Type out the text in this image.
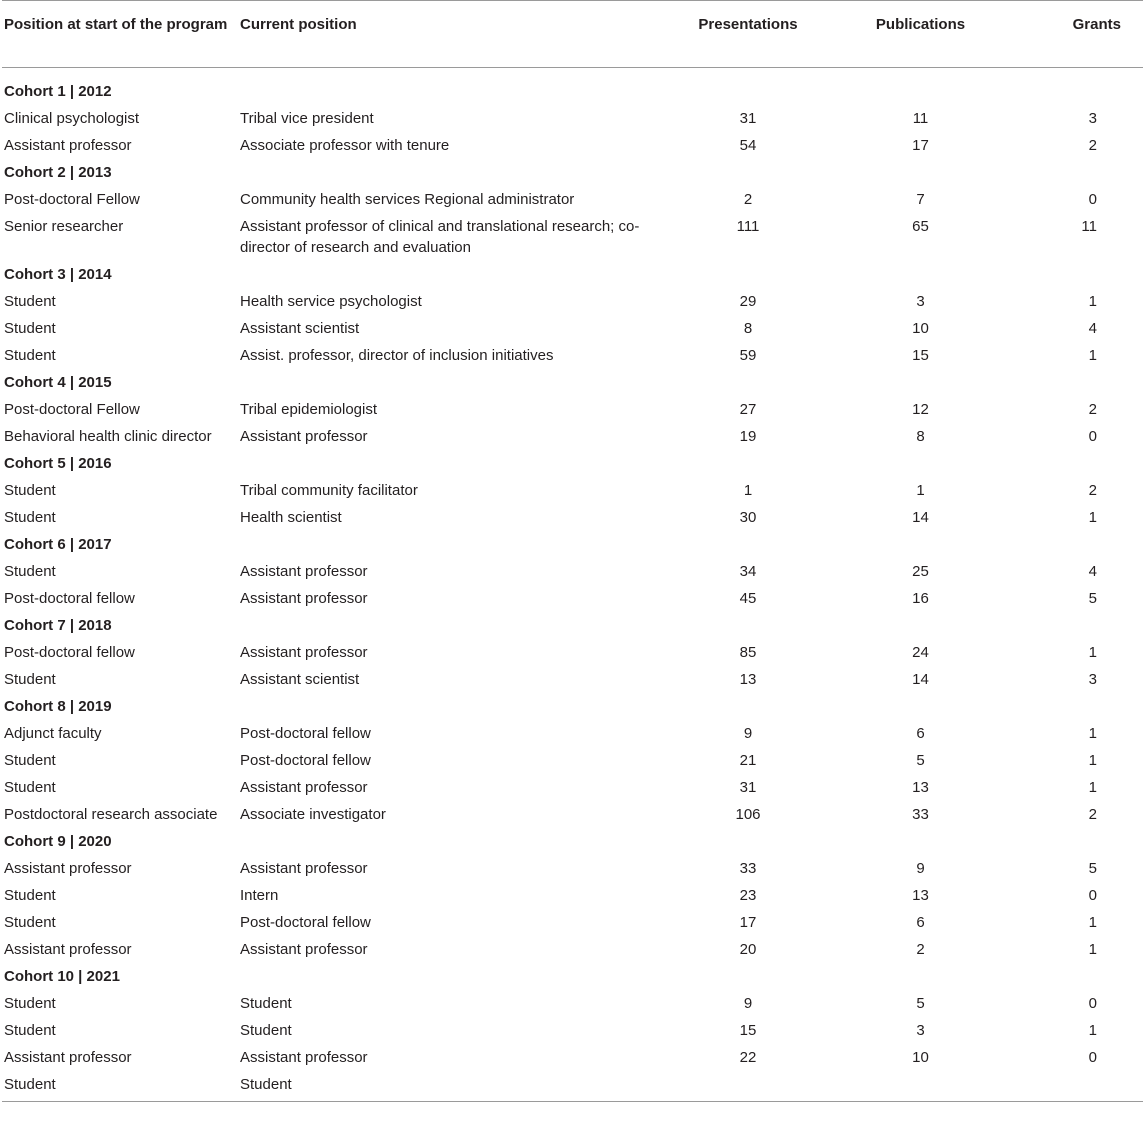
Position at start of the program	Current position	Presentations	Publications	Grants

Cohort 1 | 2012				
Clinical psychologist	Tribal vice president	31	11	3
Assistant professor	Associate professor with tenure	54	17	2
Cohort 2 | 2013				
Post-doctoral Fellow	Community health services Regional administrator	2	7	0
Senior researcher	Assistant professor of clinical and translational research; co-director of research and evaluation	111	65	11
Cohort 3 | 2014				
Student	Health service psychologist	29	3	1
Student	Assistant scientist	8	10	4
Student	Assist. professor, director of inclusion initiatives	59	15	1
Cohort 4 | 2015				
Post-doctoral Fellow	Tribal epidemiologist	27	12	2
Behavioral health clinic director	Assistant professor	19	8	0
Cohort 5 | 2016				
Student	Tribal community facilitator	1	1	2
Student	Health scientist	30	14	1
Cohort 6 | 2017				
Student	Assistant professor	34	25	4
Post-doctoral fellow	Assistant professor	45	16	5
Cohort 7 | 2018				
Post-doctoral fellow	Assistant professor	85	24	1
Student	Assistant scientist	13	14	3
Cohort 8 | 2019				
Adjunct faculty	Post-doctoral fellow	9	6	1
Student	Post-doctoral fellow	21	5	1
Student	Assistant professor	31	13	1
Postdoctoral research associate	Associate investigator	106	33	2
Cohort 9 | 2020				
Assistant professor	Assistant professor	33	9	5
Student	Intern	23	13	0
Student	Post-doctoral fellow	17	6	1
Assistant professor	Assistant professor	20	2	1
Cohort 10 | 2021				
Student	Student	9	5	0
Student	Student	15	3	1
Assistant professor	Assistant professor	22	10	0
Student	Student			
